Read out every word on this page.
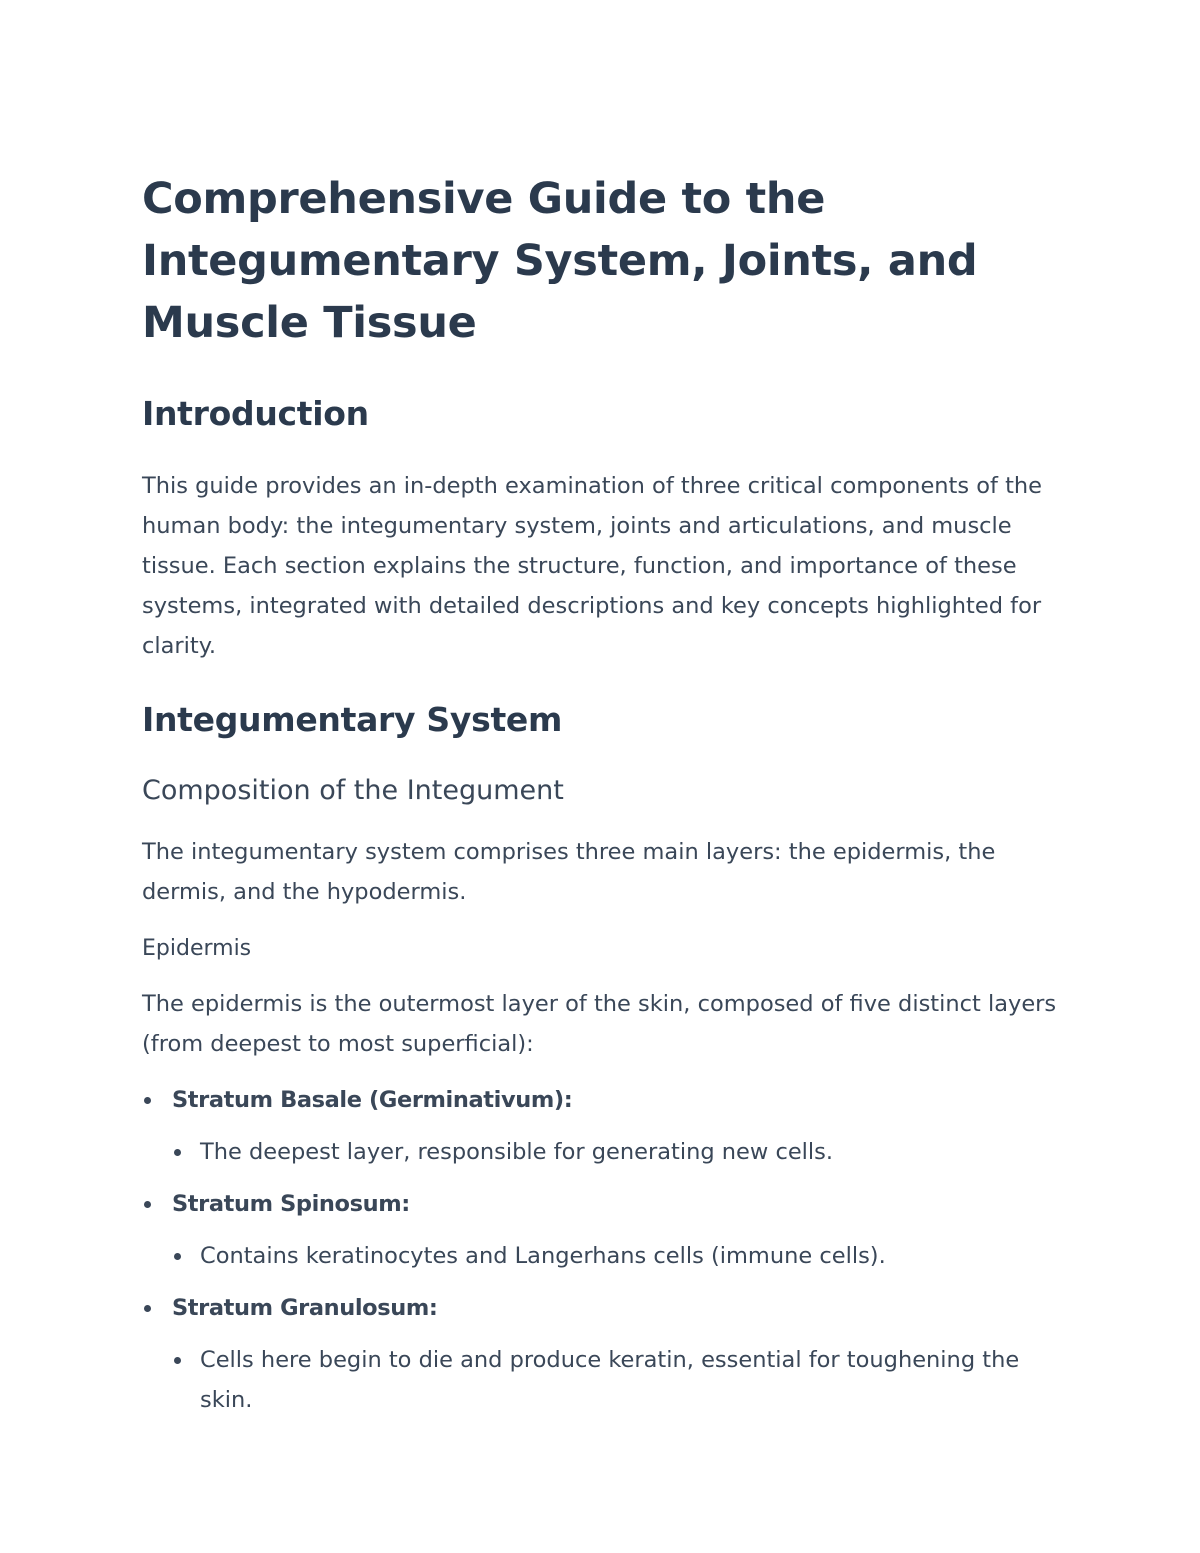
Comprehensive Guide to the Integumentary System, Joints, and Muscle Tissue
Introduction

This guide provides an in-depth examination of three critical components of the human body: the integumentary system, joints and articulations, and muscle tissue. Each section explains the structure, function, and importance of these systems, integrated with detailed descriptions and key concepts highlighted for clarity.

Integumentary System
Composition of the Integument

The integumentary system comprises three main layers: the epidermis, the dermis, and the hypodermis.

Epidermis

The epidermis is the outermost layer of the skin, composed of five distinct layers (from deepest to most superficial):

Stratum Basale (Germinativum):
The deepest layer, responsible for generating new cells.
Stratum Spinosum:
Contains keratinocytes and Langerhans cells (immune cells).
Stratum Granulosum:
Cells here begin to die and produce keratin, essential for toughening the skin.
